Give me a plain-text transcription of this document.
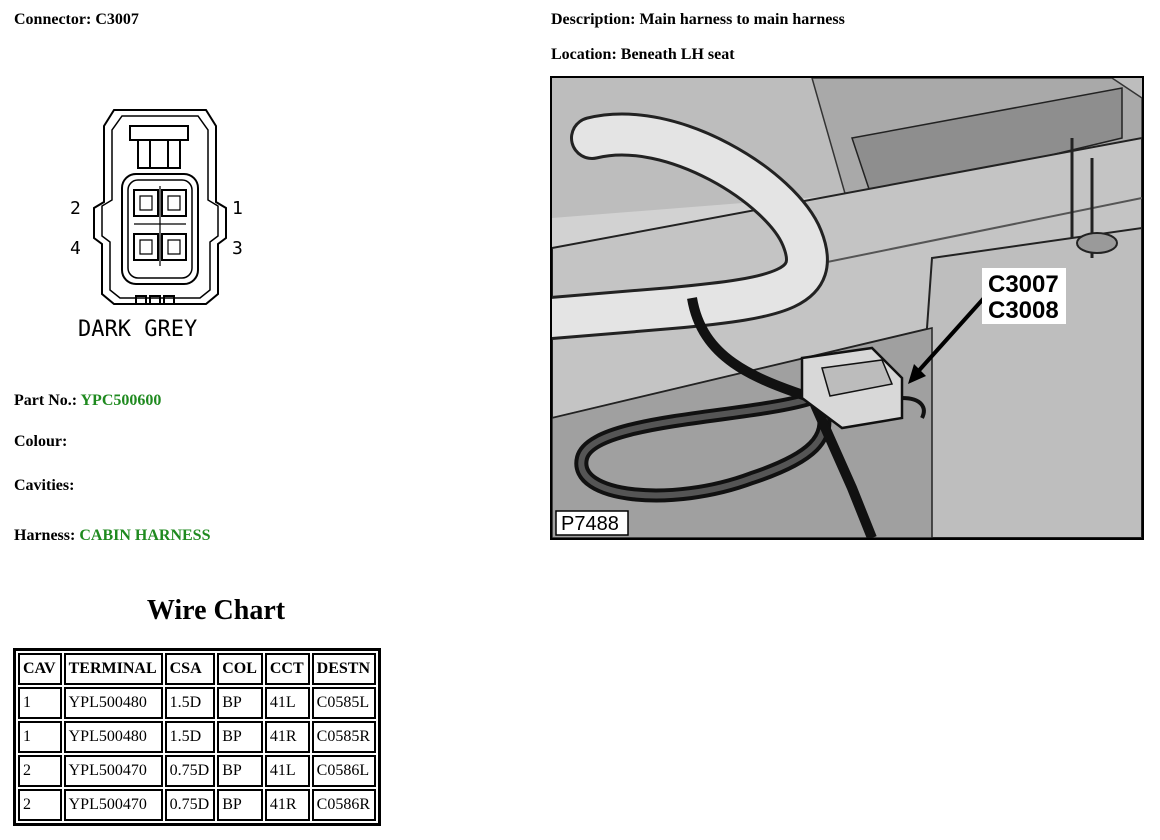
Connector: C3007	Description: Main harness to main harness
Location: Beneath LH seat
1
2
3
4
DARK GREY
Part No.: YPC500600
Colour:
Cavities:
Harness: CABIN HARNESS
C3007
C3008
P7488
Wire Chart
CAV	TERMINAL	CSA	COL	CCT	DESTN
1	YPL500480	1.5D	BP	41L	C0585L
1	YPL500480	1.5D	BP	41R	C0585R
2	YPL500470	0.75D	BP	41L	C0586L
2	YPL500470	0.75D	BP	41R	C0586R
